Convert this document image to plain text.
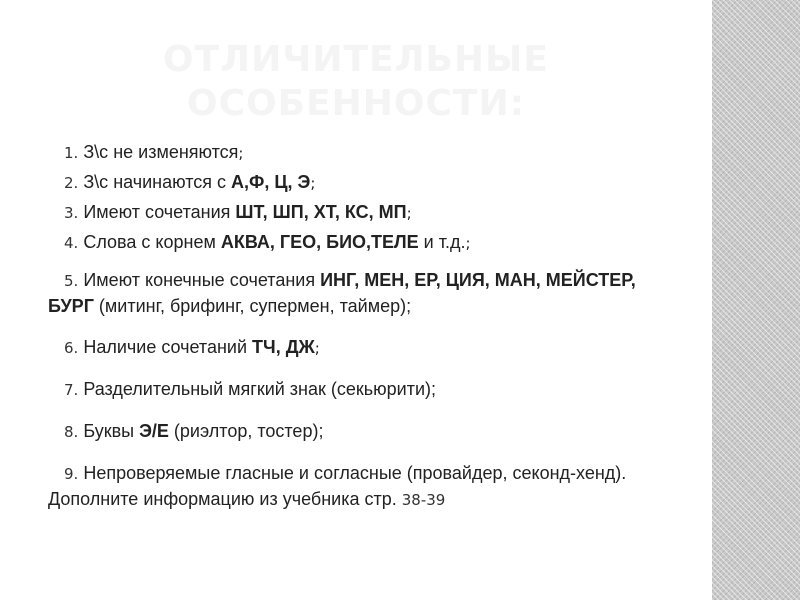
ОТЛИЧИТЕЛЬНЫЕ
ОСОБЕННОСТИ:

1. З\с не изменяются;

2. З\с начинаются с А,Ф, Ц, Э;

3. Имеют сочетания ШТ, ШП, ХТ, КС, МП;

4. Слова с корнем АКВА, ГЕО, БИО,ТЕЛЕ и т.д.;

5. Имеют конечные сочетания ИНГ, МЕН, ЕР, ЦИЯ, МАН, МЕЙСТЕР, БУРГ (митинг, брифинг, супермен, таймер);

6. Наличие сочетаний ТЧ, ДЖ;

7. Разделительный мягкий знак (секьюрити);

8. Буквы Э/Е (риэлтор, тостер);

9. Непроверяемые гласные и согласные (провайдер, секонд-хенд). Дополните информацию из учебника стр. 38-39
